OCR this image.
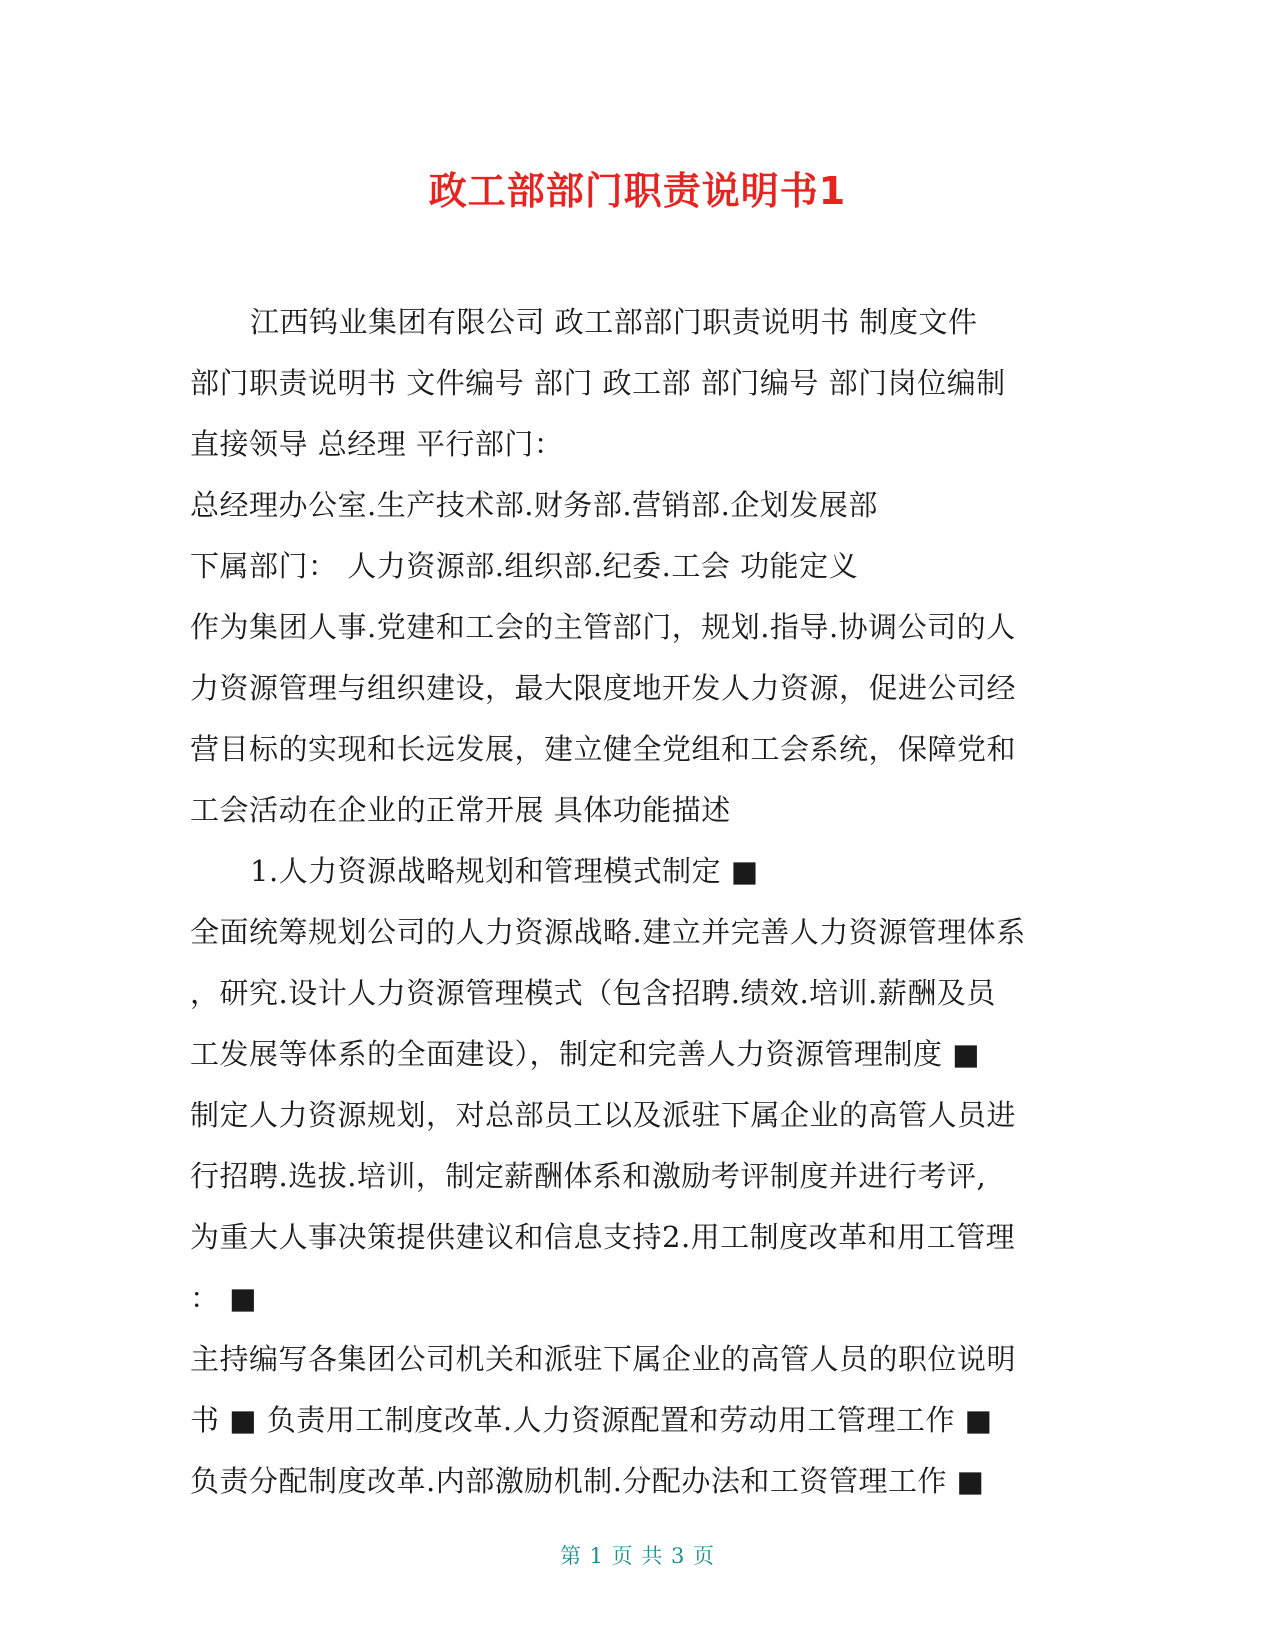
政工部部门职责说明书1
江西钨业集团有限公司 政工部部门职责说明书 制度文件
部门职责说明书 文件编号 部门 政工部 部门编号 部门岗位编制
直接领导 总经理 平行部门：
总经理办公室.生产技术部.财务部.营销部.企划发展部
下属部门： 人力资源部.组织部.纪委.工会 功能定义
作为集团人事.党建和工会的主管部门，规划.指导.协调公司的人
力资源管理与组织建设，最大限度地开发人力资源，促进公司经
营目标的实现和长远发展，建立健全党组和工会系统，保障党和
工会活动在企业的正常开展 具体功能描述
1.人力资源战略规划和管理模式制定 ■
全面统筹规划公司的人力资源战略.建立并完善人力资源管理体系
，研究.设计人力资源管理模式（包含招聘.绩效.培训.薪酬及员
工发展等体系的全面建设），制定和完善人力资源管理制度 ■
制定人力资源规划，对总部员工以及派驻下属企业的高管人员进
行招聘.选拔.培训，制定薪酬体系和激励考评制度并进行考评,
为重大人事决策提供建议和信息支持2.用工制度改革和用工管理
： ■
主持编写各集团公司机关和派驻下属企业的高管人员的职位说明
书 ■ 负责用工制度改革.人力资源配置和劳动用工管理工作 ■
负责分配制度改革.内部激励机制.分配办法和工资管理工作 ■
第 1 页 共 3 页
